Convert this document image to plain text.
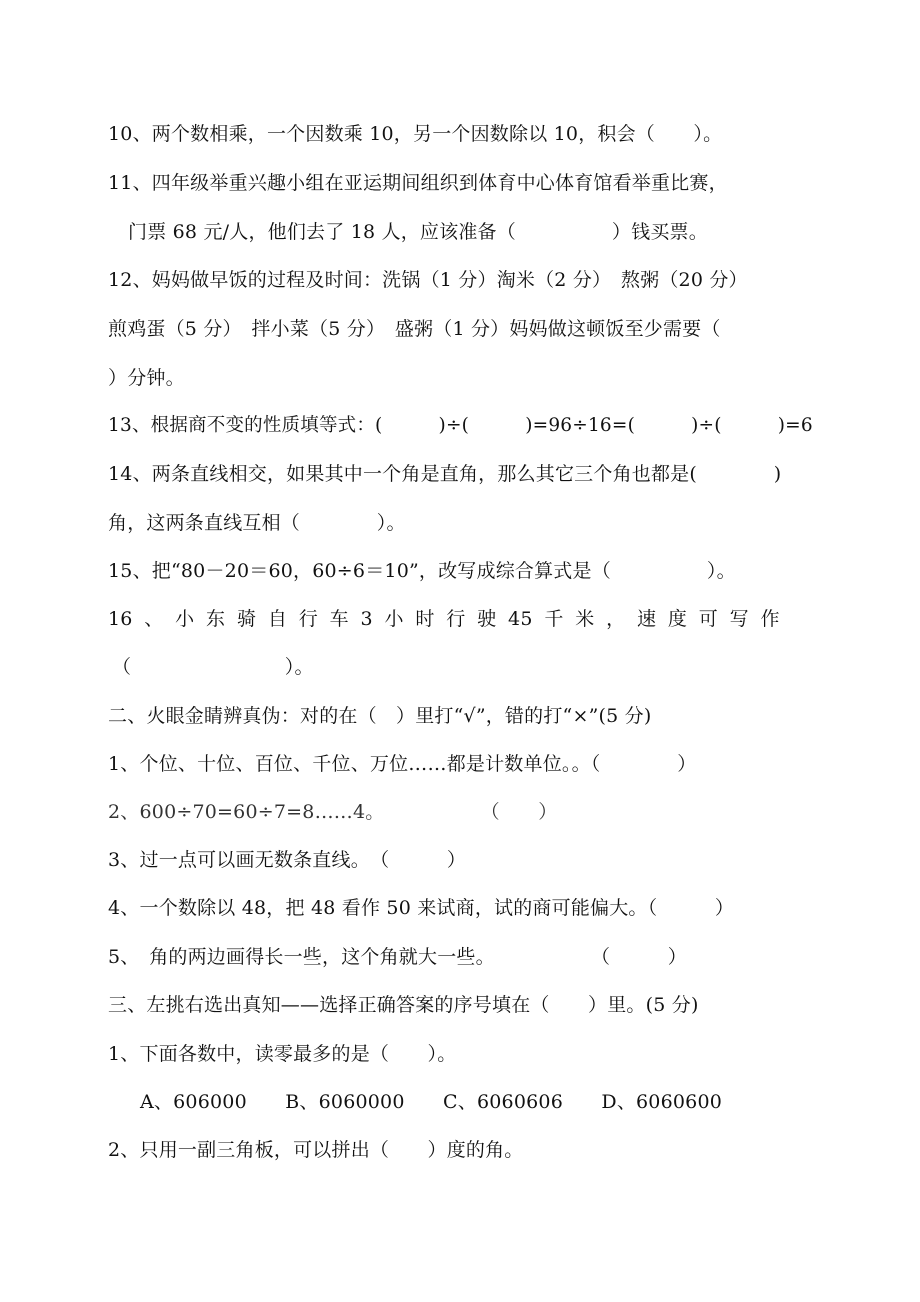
10、两个数相乘，一个因数乘 10，另一个因数除以 10，积会（　　）。
11、四年级举重兴趣小组在亚运期间组织到体育中心体育馆看举重比赛，
门票 68 元/人，他们去了 18 人，应该准备（　　　　　）钱买票。
12、妈妈做早饭的过程及时间：洗锅（1 分）淘米（2 分）　熬粥（20 分）
煎鸡蛋（5 分）　拌小菜（5 分）　盛粥（1 分）妈妈做这顿饭至少需要（
）分钟。
13、根据商不变的性质填等式：(　　　)÷(　　　)=96÷16=(　　　)÷(　　　)=6
14、两条直线相交，如果其中一个角是直角，那么其它三个角也都是(　　　　)
角，这两条直线互相（　　　　）。
15、把“80－20＝60，60÷6＝10”，改写成综合算式是（　　　　　）。
16 、 小 东 骑 自 行 车 3 小 时 行 驶 45 千 米 ， 速 度 可 写 作
（　　　　　　　　）。
二、火眼金睛辨真伪：对的在（　）里打“√”，错的打“×”(5 分)
1、个位、十位、百位、千位、万位……都是计数单位。。（　　　　）
2、600÷70=60÷7=8……4。　　　　　　（　　）
3、过一点可以画无数条直线。　（　　　）
4、一个数除以 48，把 48 看作 50 来试商，试的商可能偏大。（　　　）
5、　角的两边画得长一些，这个角就大一些。　　　　　　（　　　）
三、左挑右选出真知——选择正确答案的序号填在（　　）里。(5 分)
1、下面各数中，读零最多的是（　　）。
A、606000　　B、6060000　　C、6060606　　D、6060600
2、只用一副三角板，可以拼出（　　）度的角。
